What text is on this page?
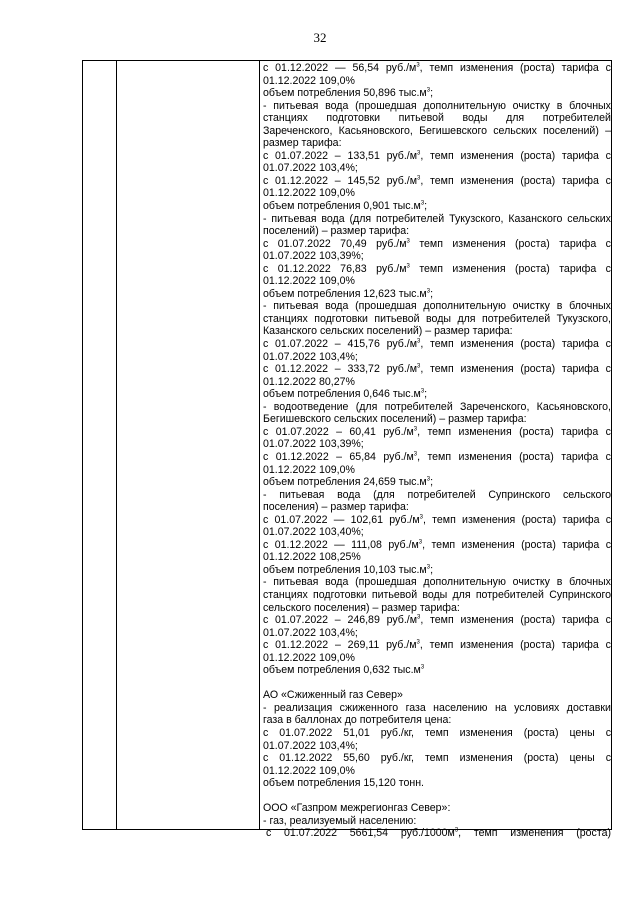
32
с 01.12.2022 — 56,54 $руб./м^3$, темп изменения (роста) тарифа с
01.12.2022 109,0%
объем потребления 50,896 $тыс.м^3$;
- питьевая вода (прошедшая дополнительную очистку в блочных
станциях подготовки питьевой воды для потребителей
Зареченского, Касьяновского, Бегишевского сельских поселений) –
размер тарифа:
с 01.07.2022 – 133,51 $руб./м^3$, темп изменения (роста) тарифа с
01.07.2022 103,4%;
с 01.12.2022 – 145,52 $руб./м^3$, темп изменения (роста) тарифа с
01.12.2022 109,0%
объем потребления 0,901 $тыс.м^3$;
- питьевая вода (для потребителей Тукузского, Казанского сельских
поселений) – размер тарифа:
с 01.07.2022 70,49 $руб./м^3$ темп изменения (роста) тарифа с
01.07.2022 103,39%;
с 01.12.2022 76,83 $руб./м^3$ темп изменения (роста) тарифа с
01.12.2022 109,0%
объем потребления 12,623 $тыс.м^3$;
- питьевая вода (прошедшая дополнительную очистку в блочных
станциях подготовки питьевой воды для потребителей Тукузского,
Казанского сельских поселений) – размер тарифа:
с 01.07.2022 – 415,76 $руб./м^3$, темп изменения (роста) тарифа с
01.07.2022 103,4%;
с 01.12.2022 – 333,72 $руб./м^3$, темп изменения (роста) тарифа с
01.12.2022 80,27%
объем потребления 0,646 $тыс.м^3$;
- водоотведение (для потребителей Зареченского, Касьяновского,
Бегишевского сельских поселений) – размер тарифа:
с 01.07.2022 – 60,41 $руб./м^3$, темп изменения (роста) тарифа с
01.07.2022 103,39%;
с 01.12.2022 – 65,84 $руб./м^3$, темп изменения (роста) тарифа с
01.12.2022 109,0%
объем потребления 24,659 $тыс.м^3$;
- питьевая вода (для потребителей Супринского сельского
поселения) – размер тарифа:
с 01.07.2022 — 102,61 $руб./м^3$, темп изменения (роста) тарифа с
01.07.2022 103,40%;
с 01.12.2022 — 111,08 $руб./м^3$, темп изменения (роста) тарифа с
01.12.2022 108,25%
объем потребления 10,103 $тыс.м^3$;
- питьевая вода (прошедшая дополнительную очистку в блочных
станциях подготовки питьевой воды для потребителей Супринского
сельского поселения) – размер тарифа:
с 01.07.2022 – 246,89 $руб./м^3$, темп изменения (роста) тарифа с
01.07.2022 103,4%;
с 01.12.2022 – 269,11 $руб./м^3$, темп изменения (роста) тарифа с
01.12.2022 109,0%
объем потребления 0,632 $тыс.м^3$
АО «Сжиженный газ Север»
- реализация сжиженного газа населению на условиях доставки
газа в баллонах до потребителя цена:
с 01.07.2022 51,01 руб./кг, темп изменения (роста) цены с
01.07.2022 103,4%;
с 01.12.2022 55,60 руб./кг, темп изменения (роста) цены с
01.12.2022 109,0%
объем потребления 15,120 тонн.
ООО «Газпром межрегионгаз Север»:
- газ, реализуемый населению:
с 01.07.2022 5661,54 $руб./1000м^3$, темп изменения (роста)
